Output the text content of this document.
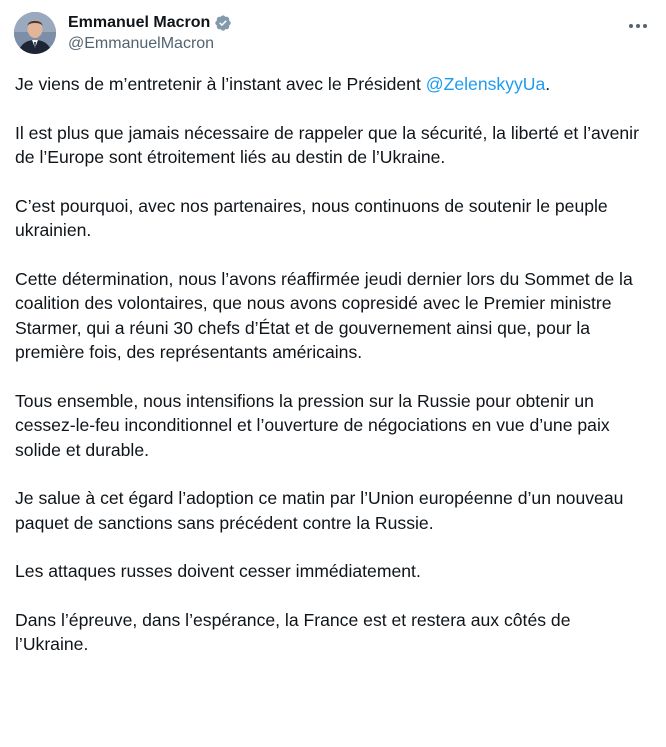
Emmanuel Macron
@EmmanuelMacron

Je viens de m’entretenir à l’instant avec le Président @ZelenskyyUa.

Il est plus que jamais nécessaire de rappeler que la sécurité, la liberté et l’avenir de l’Europe sont étroitement liés au destin de l’Ukraine.

C’est pourquoi, avec nos partenaires, nous continuons de soutenir le peuple ukrainien.

Cette détermination, nous l’avons réaffirmée jeudi dernier lors du Sommet de la coalition des volontaires, que nous avons copresidé avec le Premier ministre Starmer, qui a réuni 30 chefs d’État et de gouvernement ainsi que, pour la première fois, des représentants américains.

Tous ensemble, nous intensifions la pression sur la Russie pour obtenir un cessez-le-feu inconditionnel et l’ouverture de négociations en vue d’une paix solide et durable.

Je salue à cet égard l’adoption ce matin par l’Union européenne d’un nouveau paquet de sanctions sans précédent contre la Russie.

Les attaques russes doivent cesser immédiatement.

Dans l’épreuve, dans l’espérance, la France est et restera aux côtés de l’Ukraine.
